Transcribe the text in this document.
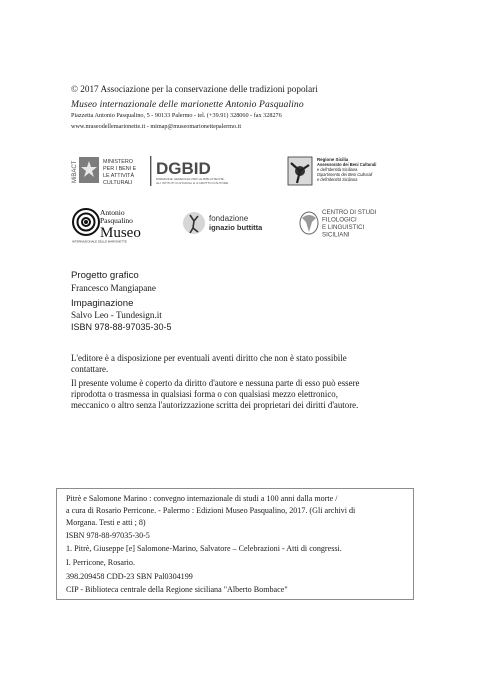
© 2017 Associazione per la conservazione delle tradizioni popolari
Museo internazionale delle marionette Antonio Pasqualino
Piazzetta Antonio Pasqualino, 5 - 90133 Palermo - tel. (+39.91) 328060 - fax 328276
www.museodellemarionette.it - mimap@museomarionettepalermo.it
MiBACT	MINISTERO
PER I BENI E
LE ATTIVITÀ
CULTURALI
DGBID
DIREZIONE GENERALE PER LE BIBLIOTECHE,
GLI ISTITUTI CULTURALI E IL DIRITTO D'AUTORE
Regione Sicilia
Assessorato dei Beni Culturali
e dell'Identità Siciliana
Dipartimento dei Beni Culturali
e dell'Identità Siciliana
Antonio
Pasqualino
Museo
INTERNAZIONALE DELLE MARIONETTE
fondazione
ignazio buttitta
CENTRO DI STUDI
FILOLOGICI
E LINGUISTICI
SICILIANI
Progetto grafico
Francesco Mangiapane
Impaginazione
Salvo Leo - Tundesign.it
ISBN 978-88-97035-30-5
L'editore è a disposizione per eventuali aventi diritto che non è stato possibile
contattare.
Il presente volume è coperto da diritto d'autore e nessuna parte di esso può essere
riprodotta o trasmessa in qualsiasi forma o con qualsiasi mezzo elettronico,
meccanico o altro senza l'autorizzazione scritta dei proprietari dei diritti d'autore.
Pitrè e Salomone Marino : convegno internazionale di studi a 100 anni dalla morte /
a cura di Rosario Perricone. - Palermo : Edizioni Museo Pasqualino, 2017. (Gli archivi di
Morgana. Testi e atti ; 8)
ISBN 978-88-97035-30-5
1. Pitrè, Giuseppe [e] Salomone-Marino, Salvatore – Celebrazioni - Atti di congressi.
I. Perricone, Rosario.
398.209458 CDD-23 SBN Pal0304199
CIP - Biblioteca centrale della Regione siciliana "Alberto Bombace"
